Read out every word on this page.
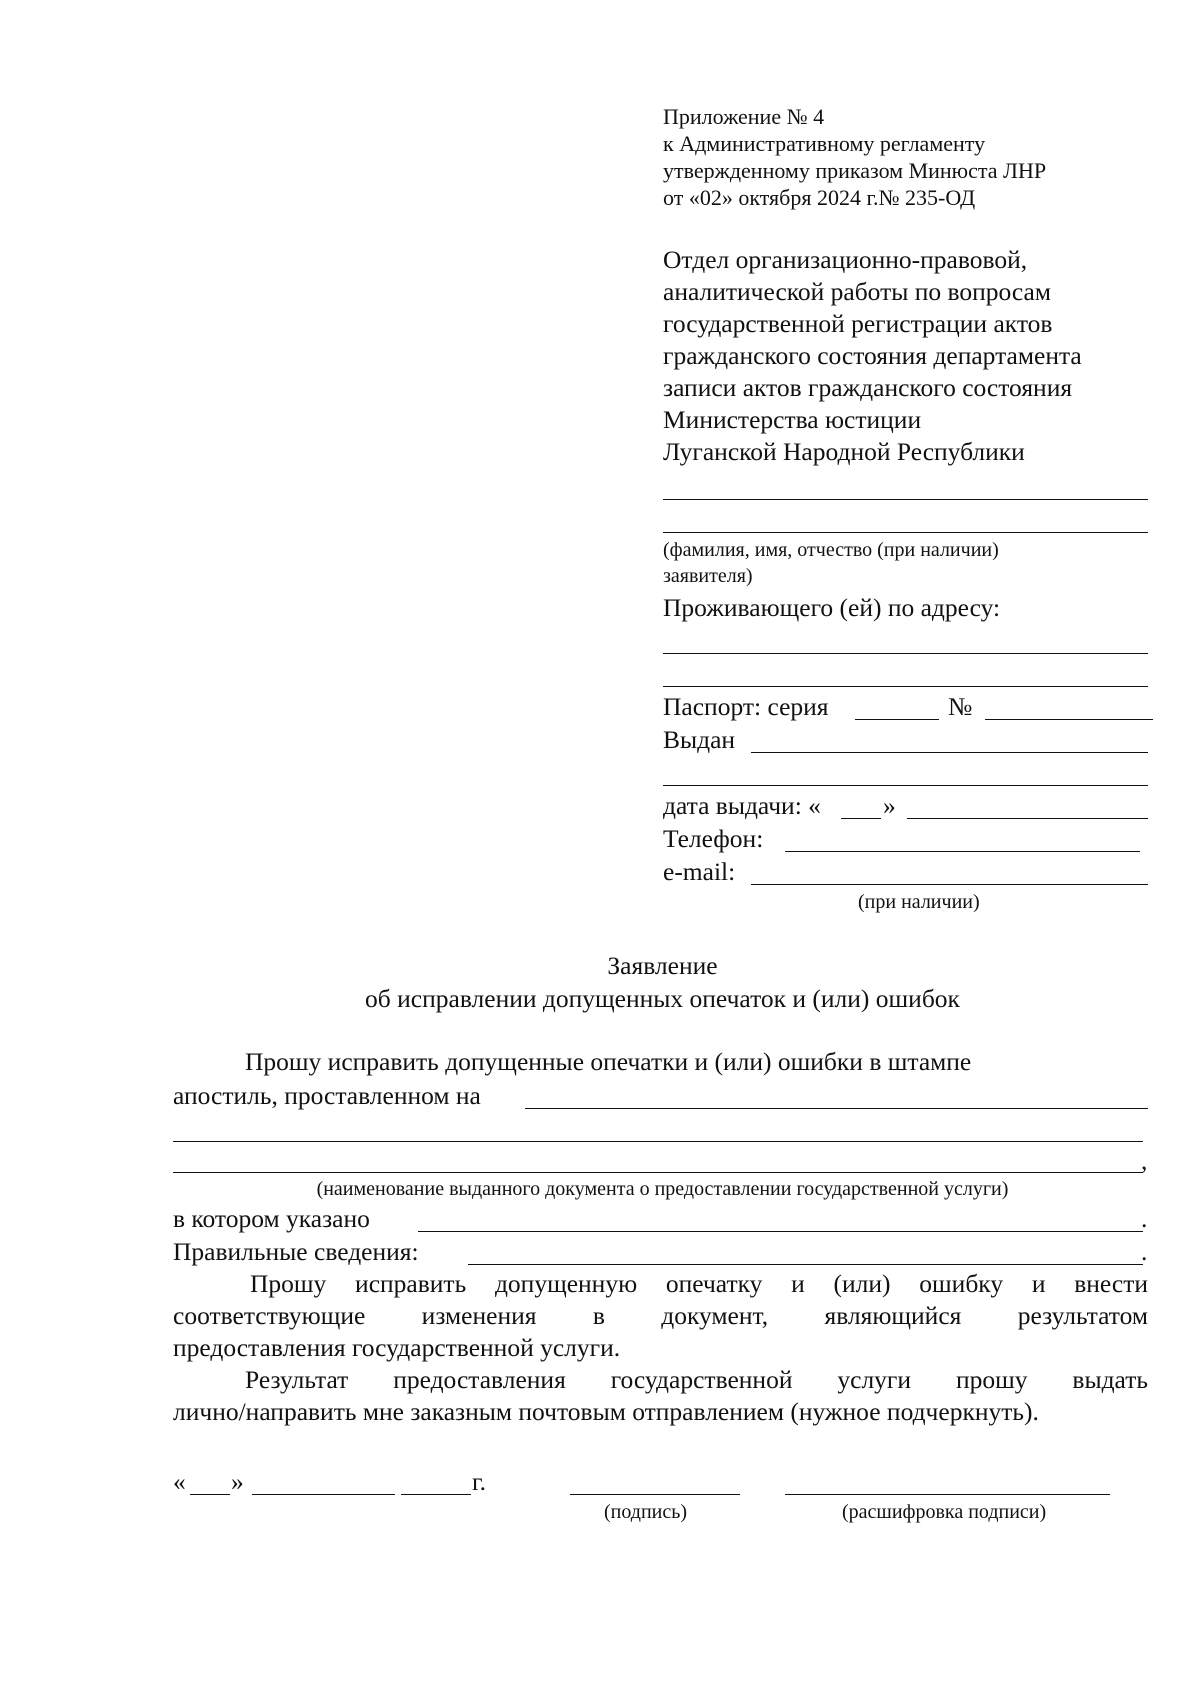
Приложение № 4
к Административному регламенту
утвержденному приказом Минюста ЛНР
от «02» октября 2024 г.№ 235-ОД
Отдел организационно-правовой,
аналитической работы по вопросам
государственной регистрации актов
гражданского состояния департамента
записи актов гражданского состояния
Министерства юстиции
Луганской Народной Республики
(фамилия, имя, отчество (при наличии)
заявителя)
Проживающего (ей) по адресу:
Паспорт: серия	№
Выдан
дата выдачи: « »
Телефон:
e-mail:
(при наличии)
Заявление
об исправлении допущенных опечаток и (или) ошибок
Прошу исправить допущенные опечатки и (или) ошибки в штампе
апостиль, проставленном на
,
(наименование выданного документа о предоставлении государственной услуги)
в котором указано	.
Правильные сведения:	.
Прошу исправить допущенную опечатку и (или) ошибку и внести
соответствующие изменения в документ, являющийся результатом
предоставления государственной услуги.
Результат предоставления государственной услуги прошу выдать
лично/направить мне заказным почтовым отправлением (нужное подчеркнуть).
« »	г.
(подпись)	(расшифровка подписи)
